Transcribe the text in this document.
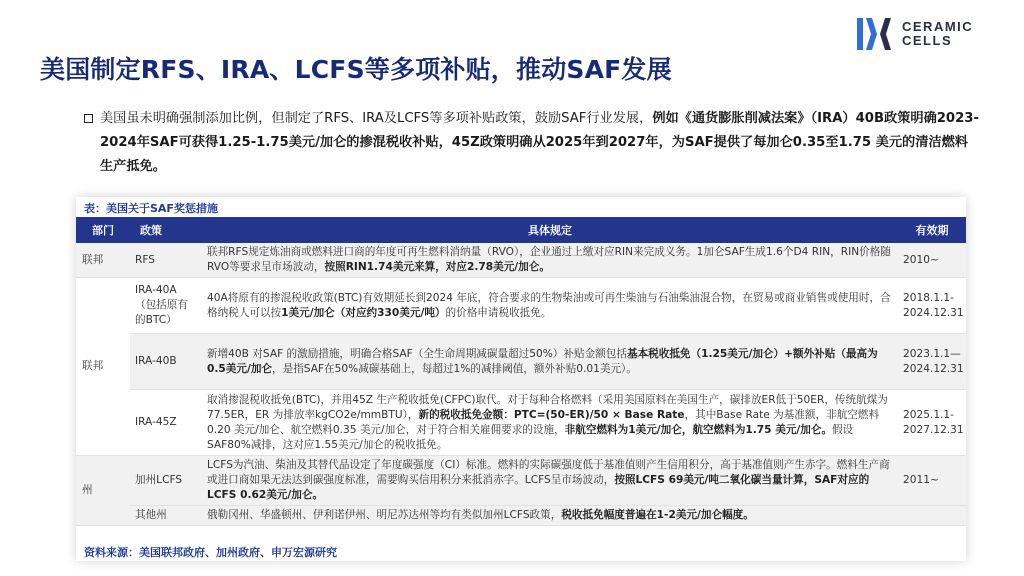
CERAMIC
CELLS
美国制定RFS、IRA、LCFS等多项补贴，推动SAF发展
美国虽未明确强制添加比例，但制定了RFS、IRA及LCFS等多项补贴政策，鼓励SAF行业发展，例如《通货膨胀削减法案》（IRA）40B政策明确2023-2024年SAF可获得1.25-1.75美元/加仑的掺混税收补贴，45Z政策明确从2025年到2027年，为SAF提供了每加仑0.35至1.75 美元的清洁燃料生产抵免。
表：美国关于SAF奖惩措施
部门	政策	具体规定	有效期
联邦	RFS	联邦RFS规定炼油商或燃料进口商的年度可再生燃料消纳量（RVO），企业通过上缴对应RIN来完成义务。1加仑SAF生成1.6个D4 RIN，RIN价格随RVO等要求呈市场波动，按照RIN1.74美元来算，对应2.78美元/加仑。	2010~
联邦	IRA-40A（包括原有的BTC）	40A将原有的掺混税收政策(BTC)有效期延长到2024 年底，符合要求的生物柴油或可再生柴油与石油柴油混合物，在贸易或商业销售或使用时，合格纳税人可以按1美元/加仑（对应约330美元/吨）的价格申请税收抵免。	2018.1.1-2024.12.31
	IRA-40B	新增40B 对SAF 的激励措施，明确合格SAF（全生命周期减碳量超过50%）补贴金额包括基本税收抵免（1.25美元/加仑）+额外补贴（最高为0.5美元/加仑，是指SAF在50%减碳基础上，每超过1%的减排阈值，额外补贴0.01美元）。	2023.1.1—2024.12.31
	IRA-45Z	取消掺混税收抵免(BTC)，并用45Z 生产税收抵免(CFPC)取代。对于每种合格燃料（采用美国原料在美国生产，碳排放ER低于50ER，传统航煤为77.5ER，ER 为排放率kgCO2e/mmBTU），新的税收抵免金额：PTC=(50-ER)/50 × Base Rate，其中Base Rate 为基准额，非航空燃料0.20 美元/加仑、航空燃料0.35 美元/加仑，对于符合相关雇佣要求的设施，非航空燃料为1美元/加仑，航空燃料为1.75 美元/加仑。假设SAF80%减排，这对应1.55美元/加仑的税收抵免。	2025.1.1-2027.12.31
州	加州LCFS	LCFS为汽油、柴油及其替代品设定了年度碳强度（CI）标准。燃料的实际碳强度低于基准值则产生信用积分，高于基准值则产生赤字。燃料生产商或进口商如果无法达到碳强度标准，需要购买信用积分来抵消赤字。LCFS呈市场波动，按照LCFS 69美元/吨二氧化碳当量计算，SAF对应的LCFS 0.62美元/加仑。	2011~
	其他州	俄勒冈州、华盛顿州、伊利诺伊州、明尼苏达州等均有类似加州LCFS政策，税收抵免幅度普遍在1-2美元/加仑幅度。	
资料来源：美国联邦政府、加州政府、申万宏源研究
